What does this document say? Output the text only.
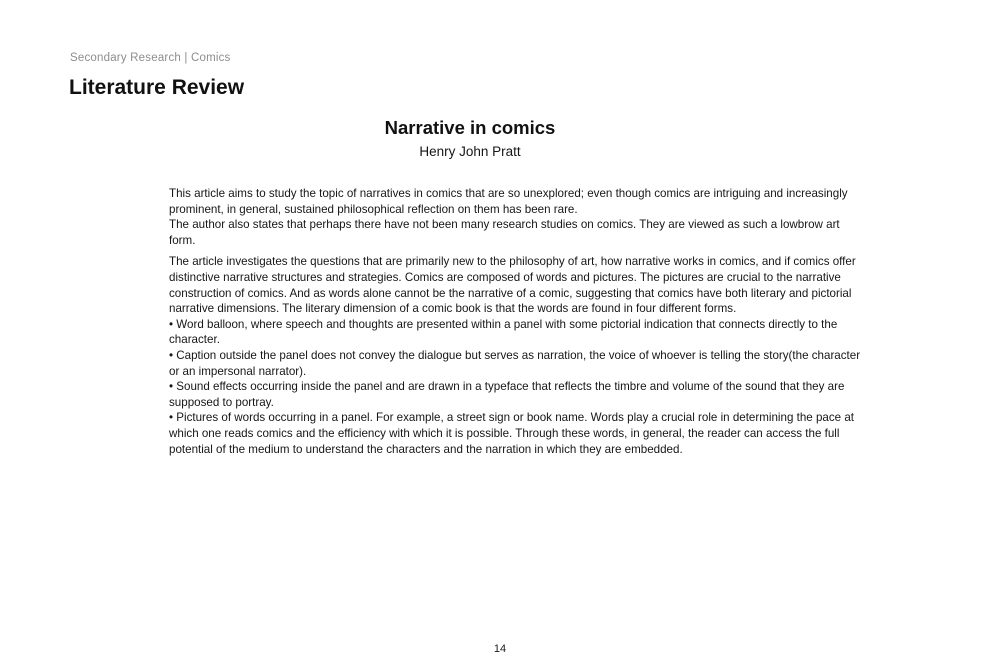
Secondary Research | Comics
Literature Review
Narrative in comics
Henry John Pratt
This article aims to study the topic of narratives in comics that are so unexplored; even though comics are intriguing and increasingly prominent, in general, sustained philosophical reflection on them has been rare.
The author also states that perhaps there have not been many research studies on comics. They are viewed as such a lowbrow art form.
The article investigates the questions that are primarily new to the philosophy of art, how narrative works in comics, and if comics offer distinctive narrative structures and strategies. Comics are composed of words and pictures. The pictures are crucial to the narrative construction of comics. And as words alone cannot be the narrative of a comic, suggesting that comics have both literary and pictorial narrative dimensions. The literary dimension of a comic book is that the words are found in four different forms.
• Word balloon, where speech and thoughts are presented within a panel with some pictorial indication that connects directly to the character.
• Caption outside the panel does not convey the dialogue but serves as narration, the voice of whoever is telling the story(the character or an impersonal narrator).
• Sound effects occurring inside the panel and are drawn in a typeface that reflects the timbre and volume of the sound that they are supposed to portray.
• Pictures of words occurring in a panel. For example, a street sign or book name. Words play a crucial role in determining the pace at which one reads comics and the efficiency with which it is possible. Through these words, in general, the reader can access the full potential of the medium to understand the characters and the narration in which they are embedded.
14
